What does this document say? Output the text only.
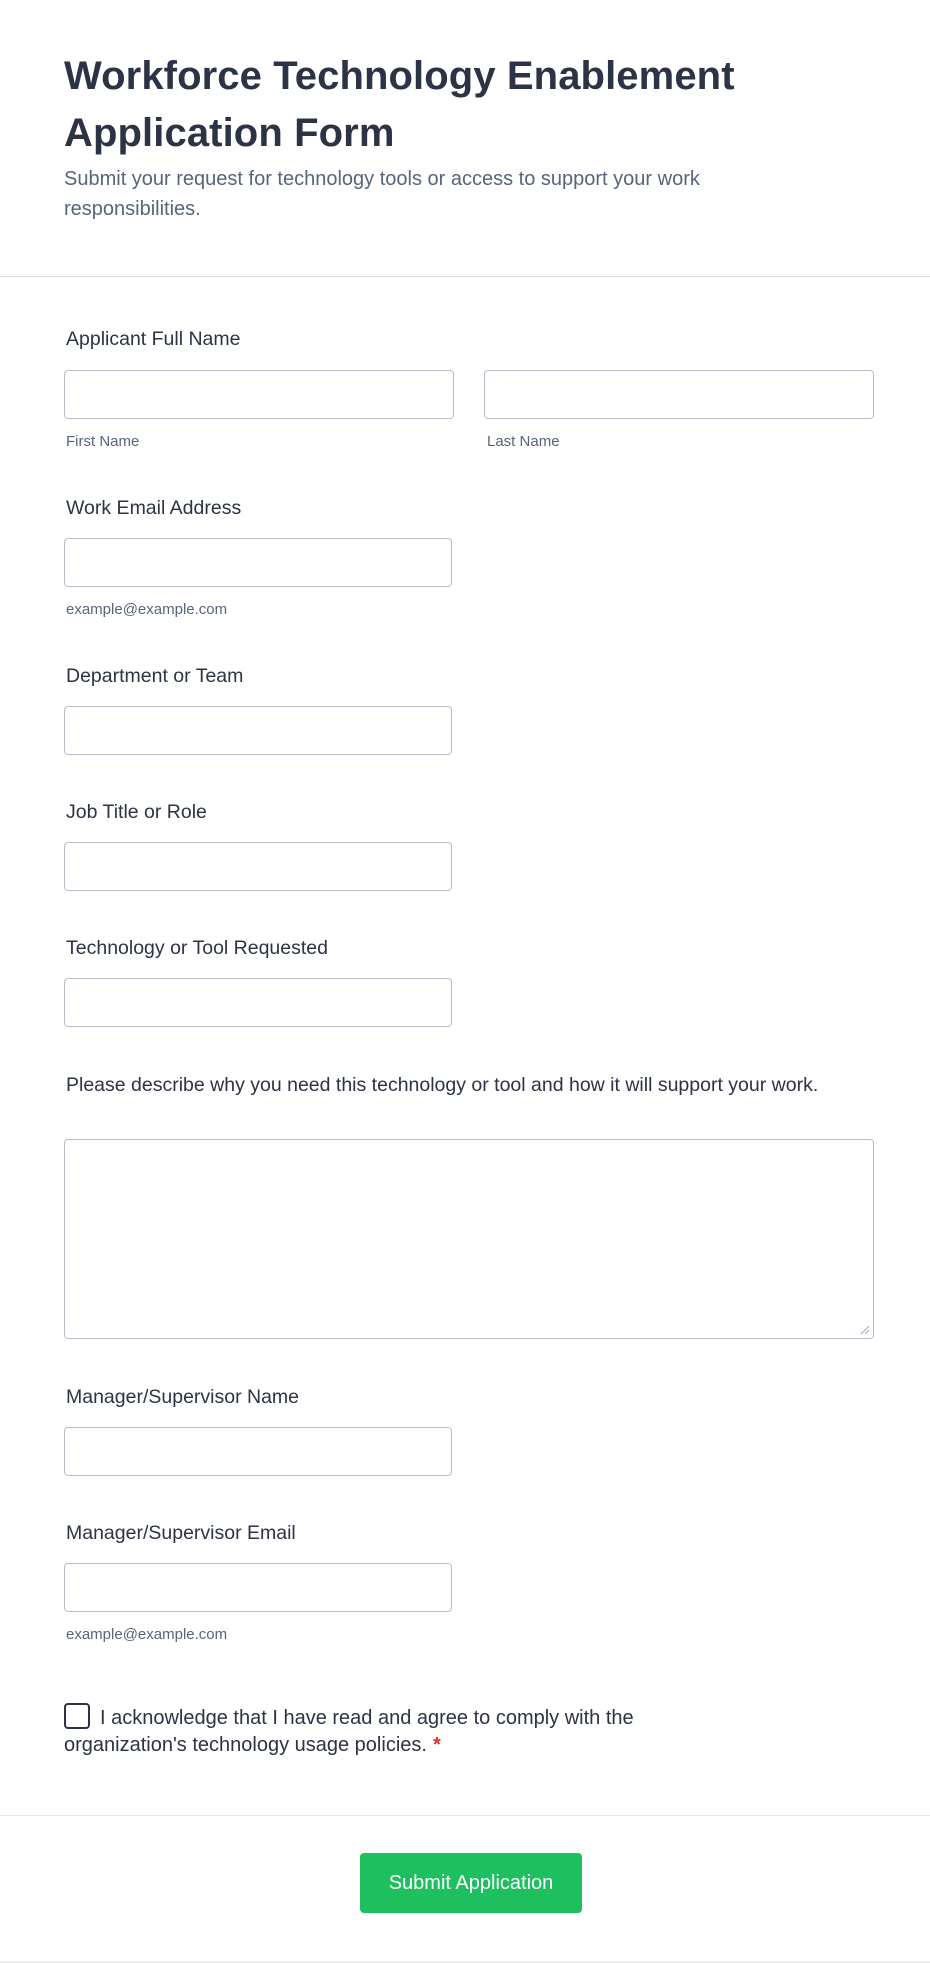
Workforce Technology Enablement Application Form

Submit your request for technology tools or access to support your work responsibilities.

Applicant Full Name
First Name	Last Name
Work Email Address
example@example.com
Department or Team
Job Title or Role
Technology or Tool Requested
Please describe why you need this technology or tool and how it will support your work.
Manager/Supervisor Name
Manager/Supervisor Email
example@example.com
I acknowledge that I have read and agree to comply with the organization's technology usage policies. *
Submit Application
